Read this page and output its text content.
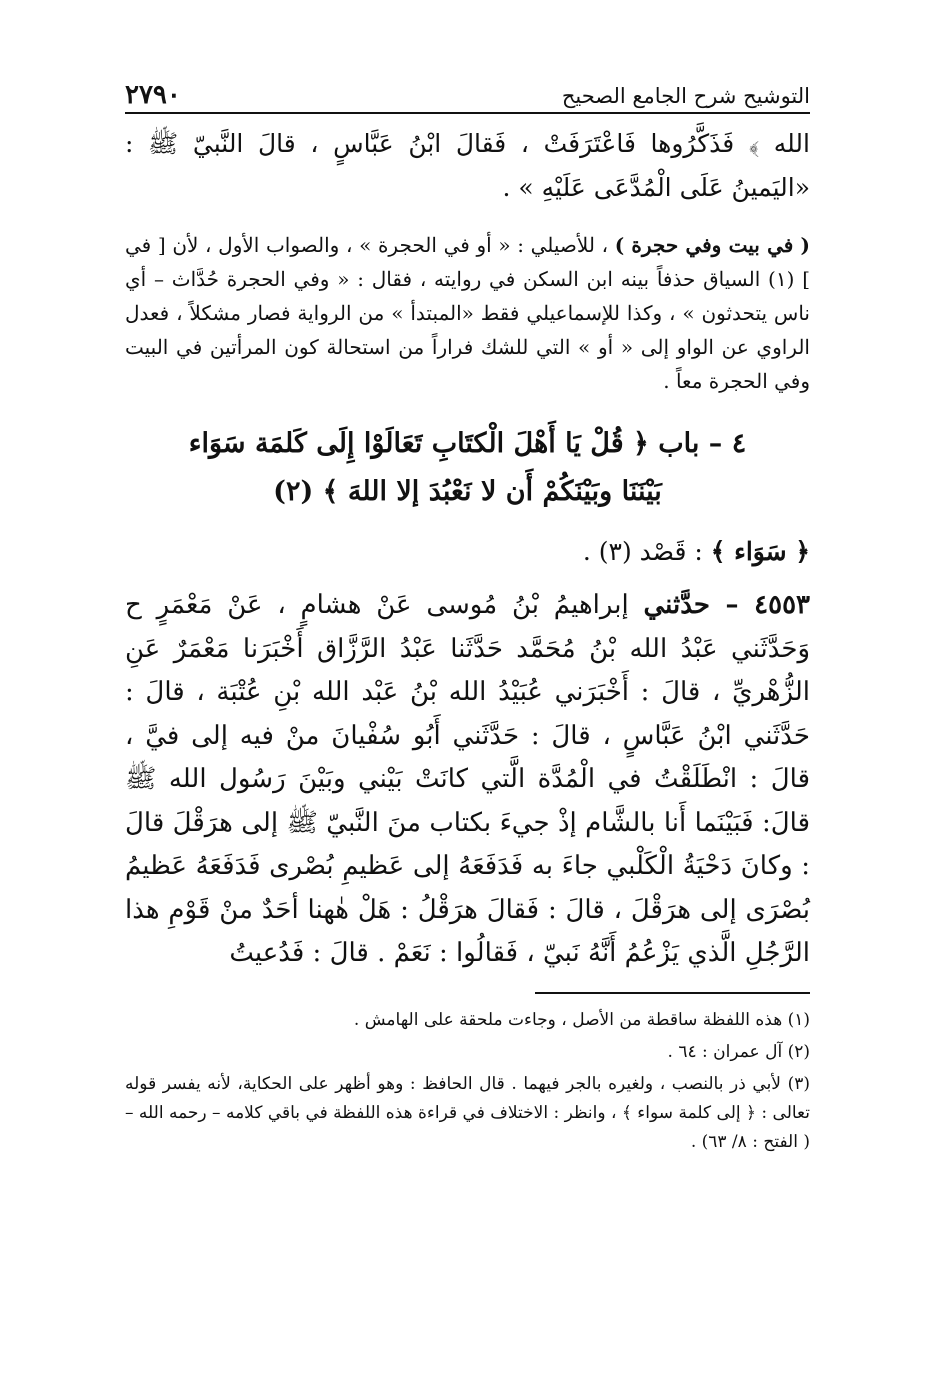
التوشيح شرح الجامع الصحيح
٢٧٩٠

الله ﴾ فَذَكَّرُوها فَاعْتَرَفَتْ ، فَقالَ ابْنُ عَبَّاسٍ ، قالَ النَّبيّ ﷺ : «اليَمينُ عَلَى الْمُدَّعَى عَلَيْهِ » .

( في بيت وفي حجرة ) ، للأصيلي : « أو في الحجرة » ، والصواب الأول ، لأن [ في ] (١) السياق حذفاً بينه ابن السكن في روايته ، فقال : « وفي الحجرة حُدَّاث – أي ناس يتحدثون » ، وكذا للإسماعيلي فقط «المبتدأ » من الرواية فصار مشكلاً ، فعدل الراوي عن الواو إلى « أو » التي للشك فراراً من استحالة كون المرأتين في البيت وفي الحجرة معاً .

٤ – باب ﴿ قُلْ يَا أَهْلَ الْكتَابِ تَعَالَوْا إِلَى كَلمَة سَوَاء
بَيْنَنَا وبَيْنَكُمْ أَن لا نَعْبُدَ إلا اللهَ ﴾ (٢)

﴿ سَوَاء ﴾ : قَصْد (٣) .

٤٥٥٣ – حدَّثني إبراهيمُ بْنُ مُوسى عَنْ هشامٍ ، عَنْ مَعْمَرٍ ح وَحَدَّثَني عَبْدُ الله بْنُ مُحَمَّد حَدَّثَنا عَبْدُ الرَّزَّاق أَخْبَرَنا مَعْمَرٌ عَنِ الزُّهْريِّ ، قالَ : أَخْبَرَني عُبَيْدُ الله بْنُ عَبْد الله بْنِ عُتْبَة ، قالَ : حَدَّثَني ابْنُ عَبَّاسٍ ، قالَ : حَدَّثَني أَبُو سُفْيانَ منْ فيه إلى فيَّ ، قالَ : انْطَلَقْتُ في الْمُدَّة الَّتي كانَتْ بَيْني وبَيْنَ رَسُول الله ﷺ قالَ: فَبَيْنَما أَنا بالشَّام إذْ جيءَ بكتاب منَ النَّبيّ ﷺ إلى هرَقْلَ قالَ : وكانَ دَحْيَةُ الْكَلْبي جاءَ به فَدَفَعَهُ إلى عَظيمِ بُصْرى فَدَفَعَهُ عَظيمُ بُصْرَى إلى هرَقْلَ ، قالَ : فَقالَ هرَقْلُ : هَلْ هٰهنا أحَدٌ منْ قَوْمِ هذا الرَّجُلِ الَّذي يَزْعُمُ أَنَّهُ نَبيّ ، فَقالُوا : نَعَمْ . قالَ : فَدُعيتُ

(١) هذه اللفظة ساقطة من الأصل ، وجاءت ملحقة على الهامش .

(٢) آل عمران : ٦٤ .

(٣) لأبي ذر بالنصب ، ولغيره بالجر فيهما . قال الحافظ : وهو أظهر على الحكاية، لأنه يفسر قوله تعالى : ﴿ إلى كلمة سواء ﴾ ، وانظر : الاختلاف في قراءة هذه اللفظة في باقي كلامه – رحمه الله – ( الفتح : ٨/ ٦٣) .
